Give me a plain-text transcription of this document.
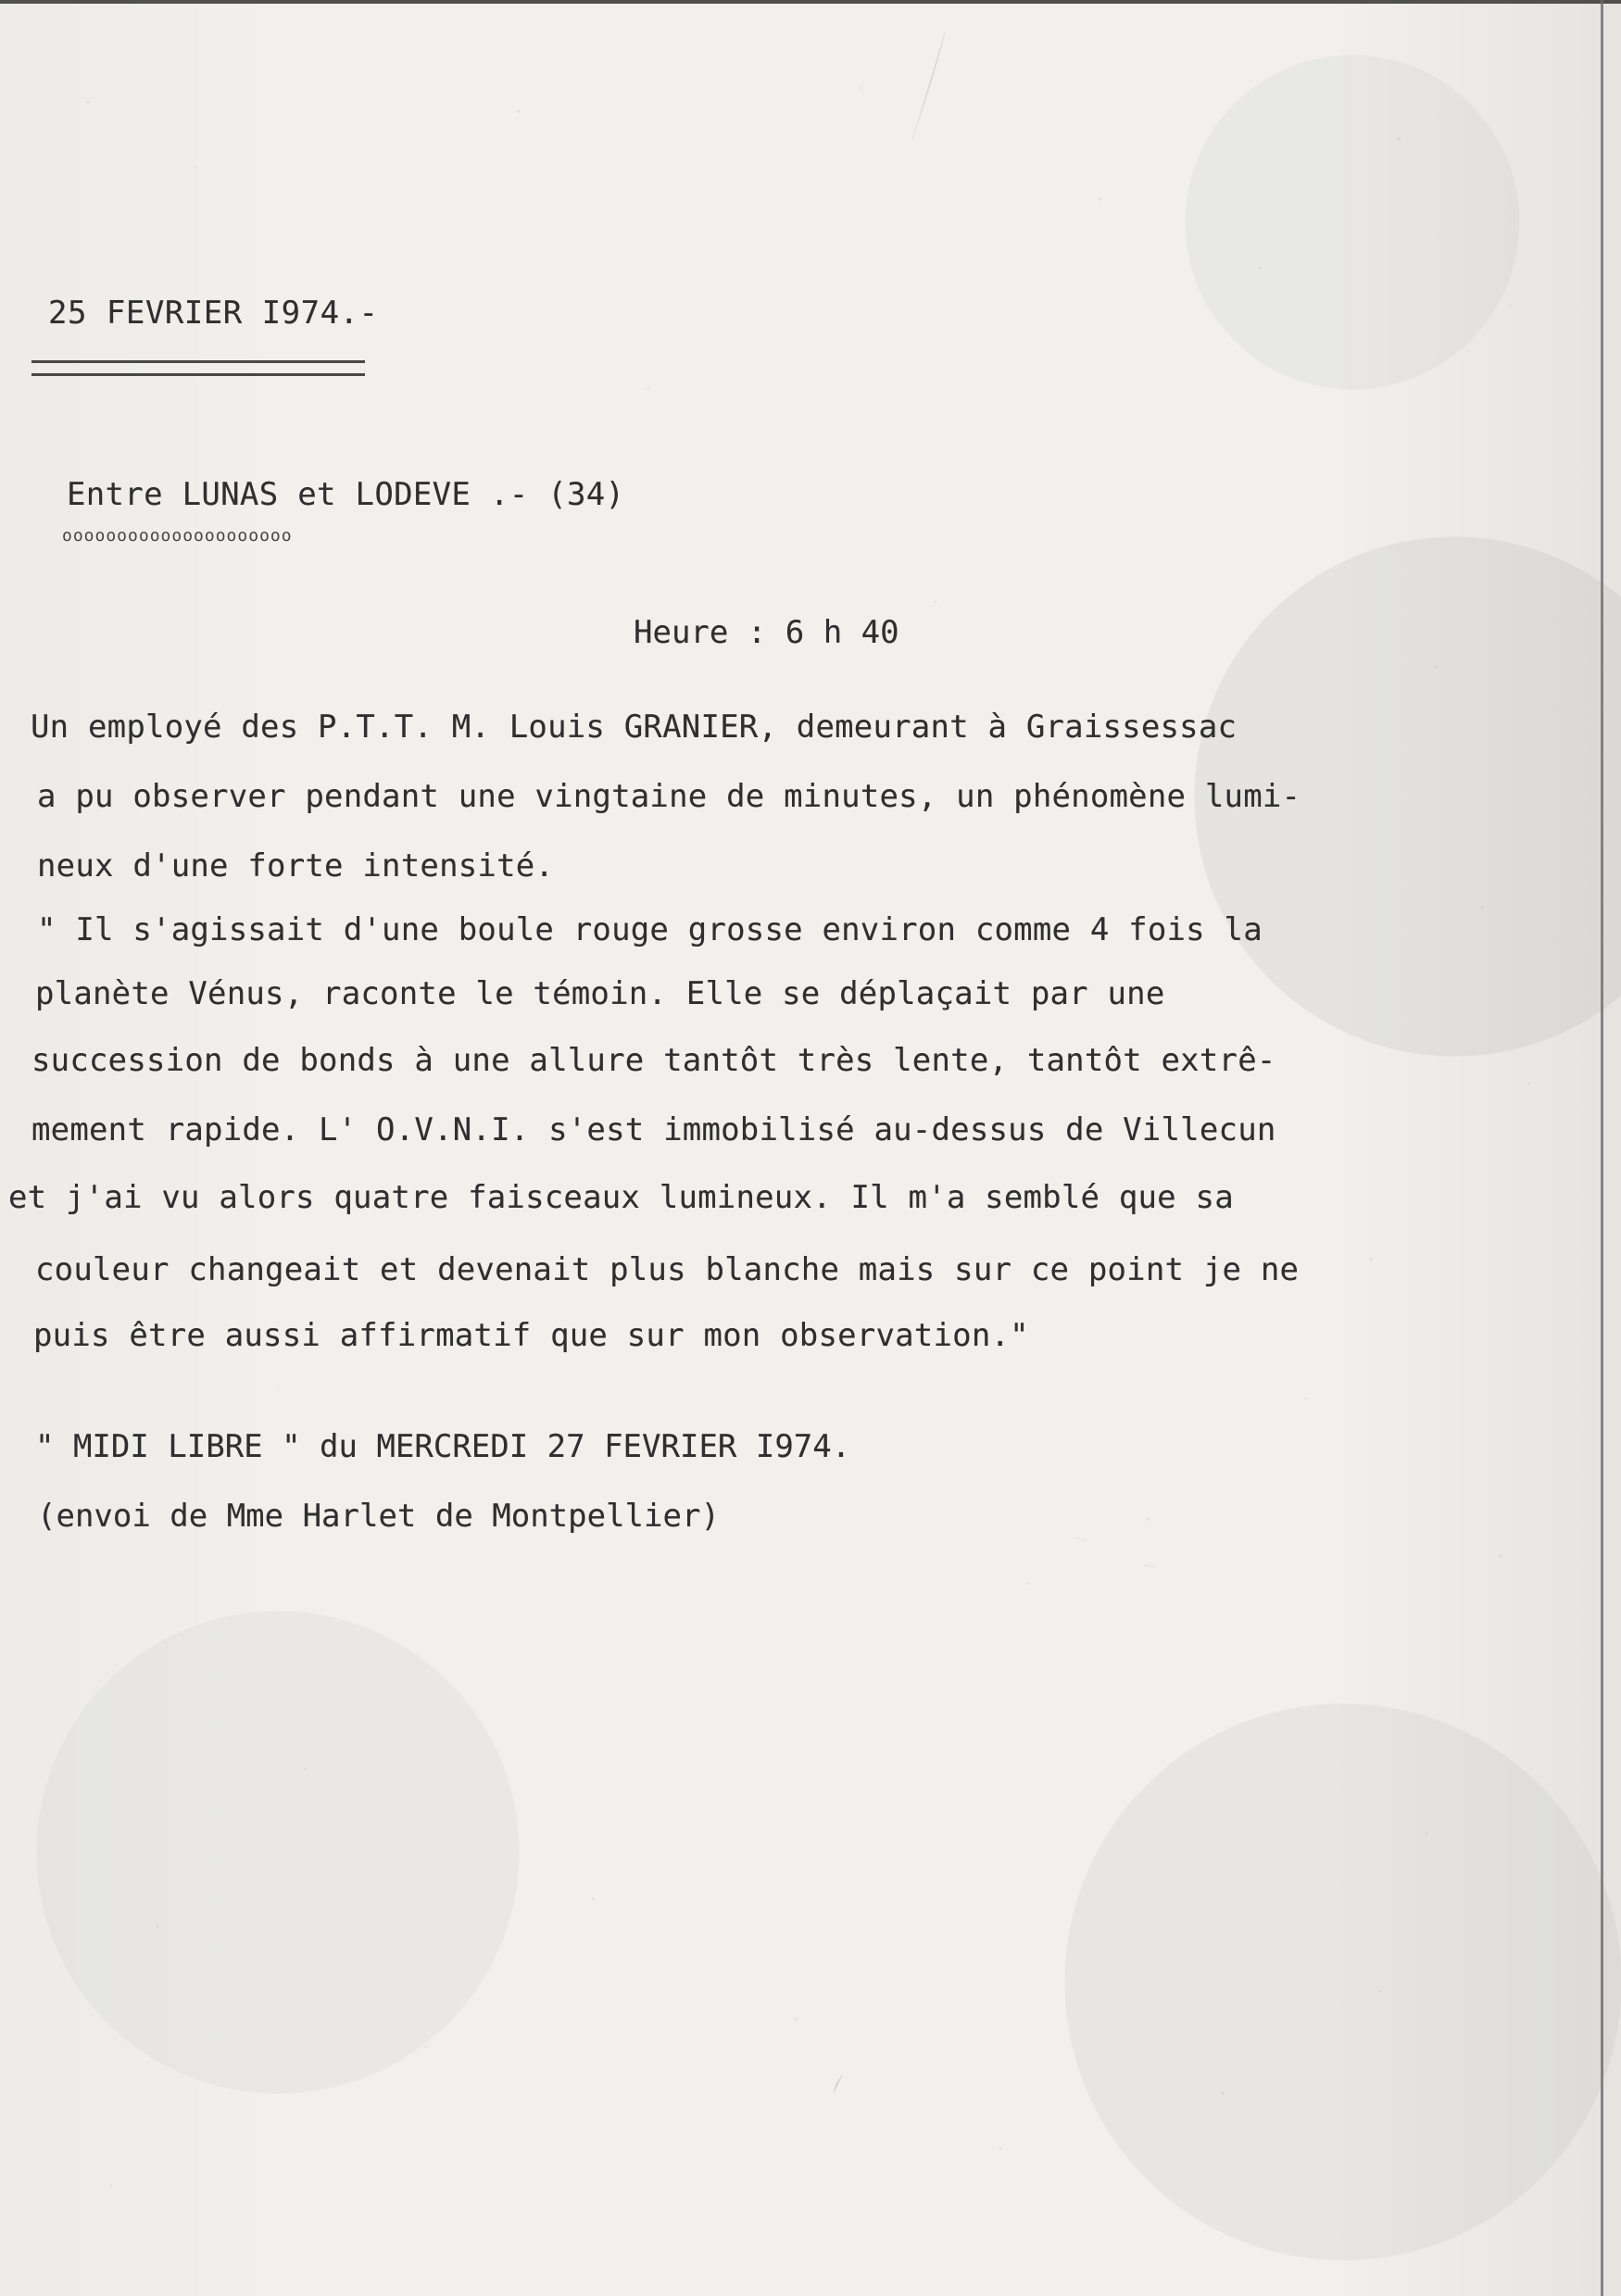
25 FEVRIER I974.-
Entre LUNAS et LODEVE .- (34)
ooooooooooooooooooooo
Heure : 6 h 40
Un employé des P.T.T. M. Louis GRANIER, demeurant à Graissessac
a pu observer pendant une vingtaine de minutes, un phénomène lumi-
neux d'une forte intensité.
" Il s'agissait d'une boule rouge grosse environ comme 4 fois la
planète Vénus, raconte le témoin. Elle se déplaçait par une
succession de bonds à une allure tantôt très lente, tantôt extrê-
mement rapide. L' O.V.N.I. s'est immobilisé au-dessus de Villecun
et j'ai vu alors quatre faisceaux lumineux. Il m'a semblé que sa
couleur changeait et devenait plus blanche mais sur ce point je ne
puis être aussi affirmatif que sur mon observation."
" MIDI LIBRE " du MERCREDI 27 FEVRIER I974.
(envoi de Mme Harlet de Montpellier)
